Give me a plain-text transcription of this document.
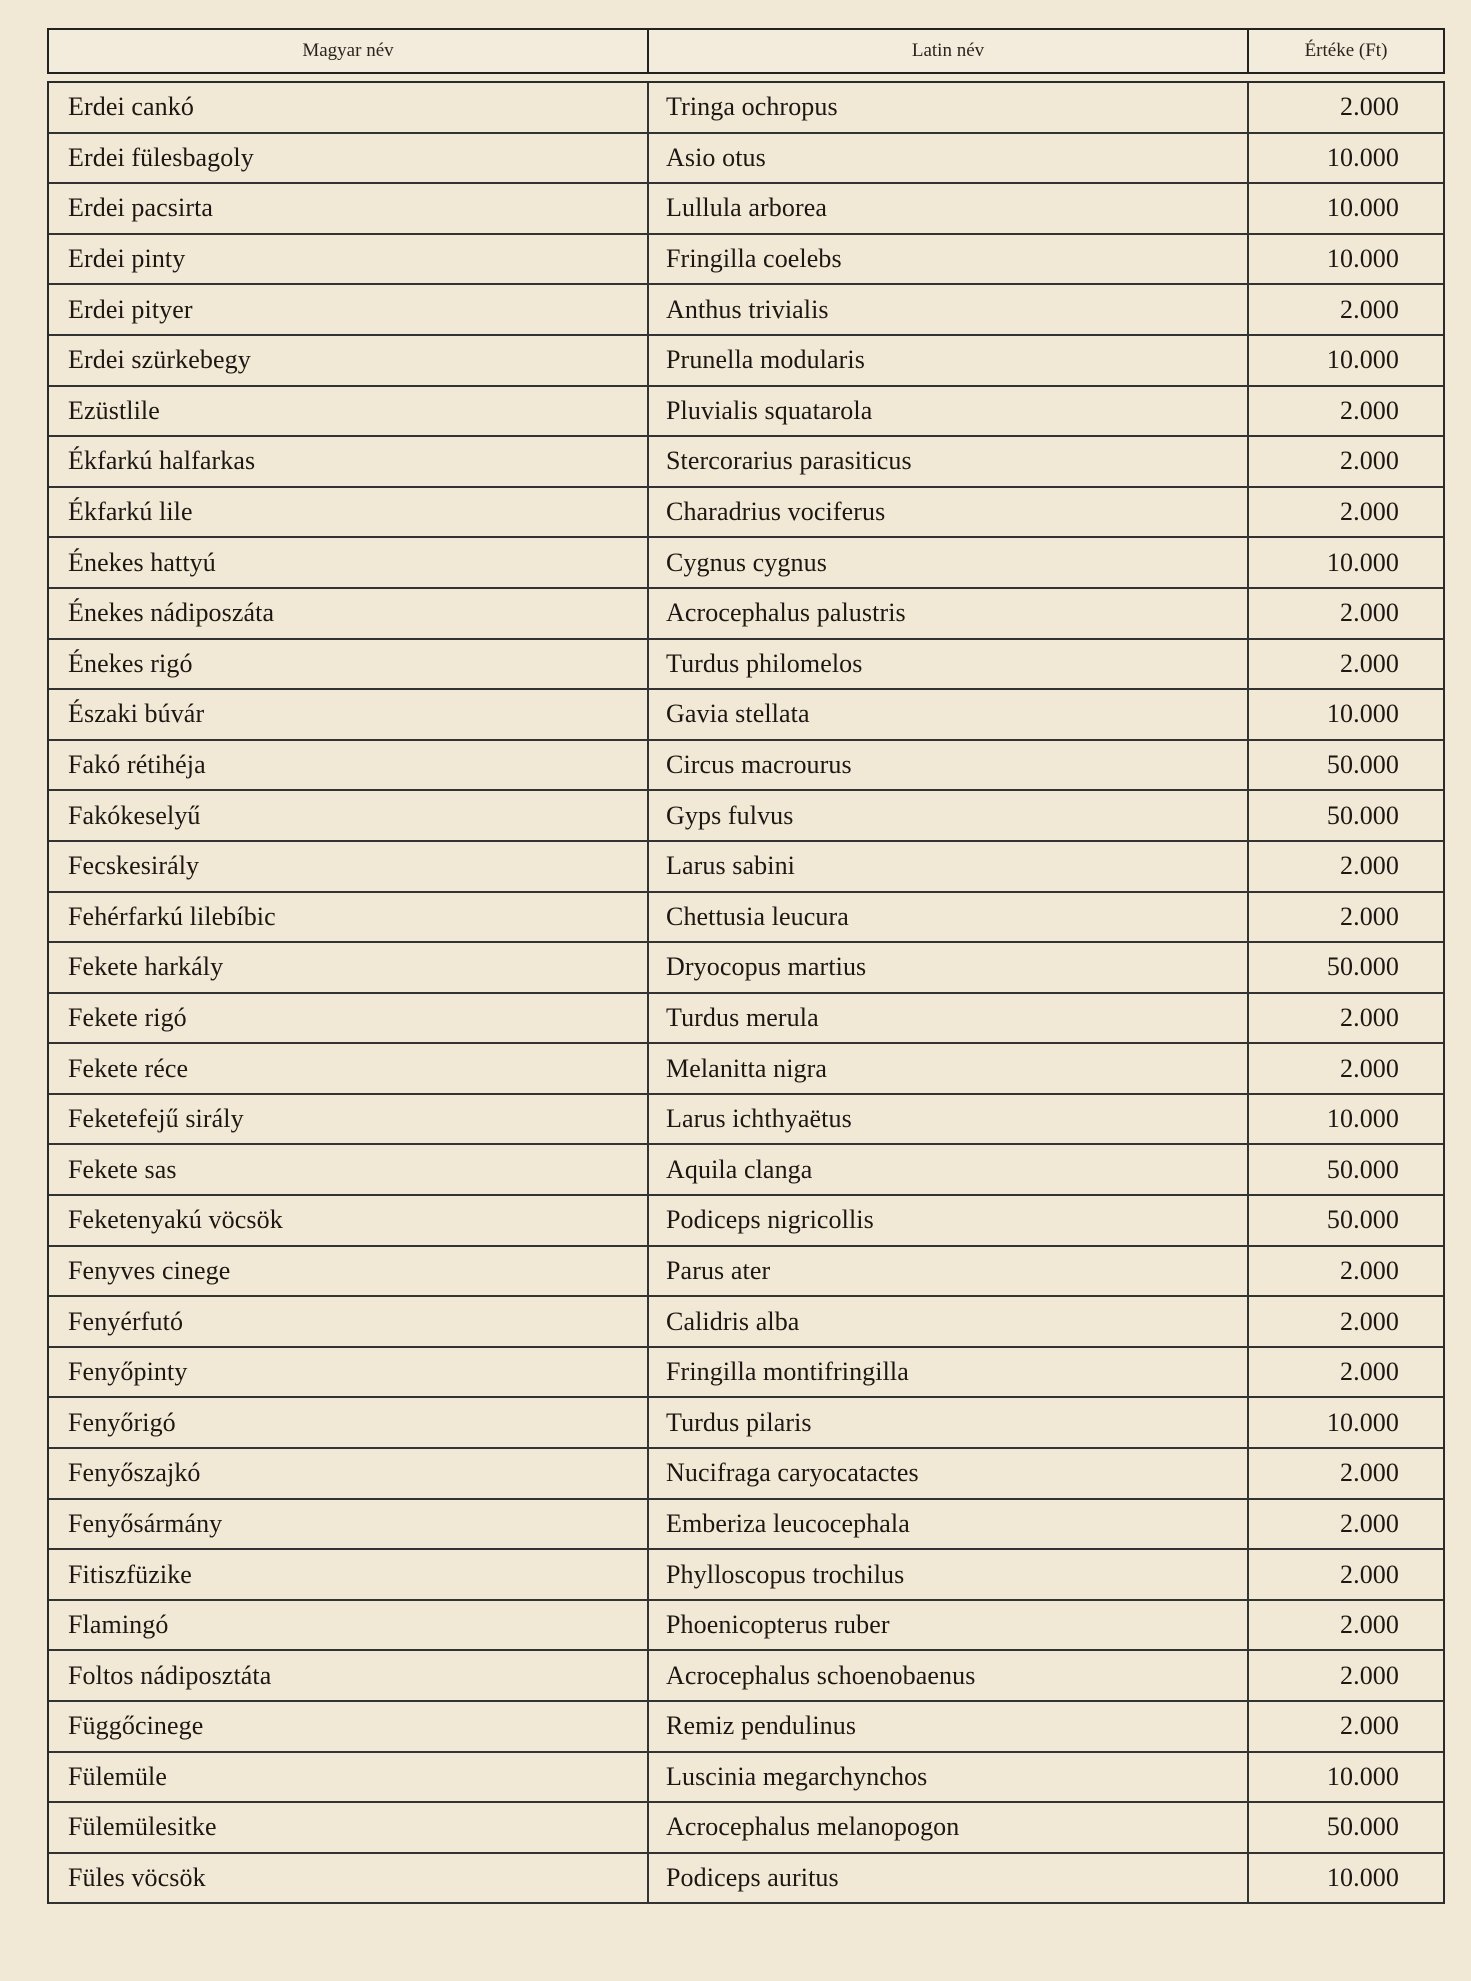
Magyar név	Latin név	Értéke (Ft)
Erdei cankó	Tringa ochropus	2.000
Erdei fülesbagoly	Asio otus	10.000
Erdei pacsirta	Lullula arborea	10.000
Erdei pinty	Fringilla coelebs	10.000
Erdei pityer	Anthus trivialis	2.000
Erdei szürkebegy	Prunella modularis	10.000
Ezüstlile	Pluvialis squatarola	2.000
Ékfarkú halfarkas	Stercorarius parasiticus	2.000
Ékfarkú lile	Charadrius vociferus	2.000
Énekes hattyú	Cygnus cygnus	10.000
Énekes nádiposzáta	Acrocephalus palustris	2.000
Énekes rigó	Turdus philomelos	2.000
Északi búvár	Gavia stellata	10.000
Fakó rétihéja	Circus macrourus	50.000
Fakókeselyű	Gyps fulvus	50.000
Fecskesirály	Larus sabini	2.000
Fehérfarkú lilebíbic	Chettusia leucura	2.000
Fekete harkály	Dryocopus martius	50.000
Fekete rigó	Turdus merula	2.000
Fekete réce	Melanitta nigra	2.000
Feketefejű sirály	Larus ichthyaëtus	10.000
Fekete sas	Aquila clanga	50.000
Feketenyakú vöcsök	Podiceps nigricollis	50.000
Fenyves cinege	Parus ater	2.000
Fenyérfutó	Calidris alba	2.000
Fenyőpinty	Fringilla montifringilla	2.000
Fenyőrigó	Turdus pilaris	10.000
Fenyőszajkó	Nucifraga caryocatactes	2.000
Fenyősármány	Emberiza leucocephala	2.000
Fitiszfüzike	Phylloscopus trochilus	2.000
Flamingó	Phoenicopterus ruber	2.000
Foltos nádiposztáta	Acrocephalus schoenobaenus	2.000
Függőcinege	Remiz pendulinus	2.000
Fülemüle	Luscinia megarchynchos	10.000
Fülemülesitke	Acrocephalus melanopogon	50.000
Füles vöcsök	Podiceps auritus	10.000
